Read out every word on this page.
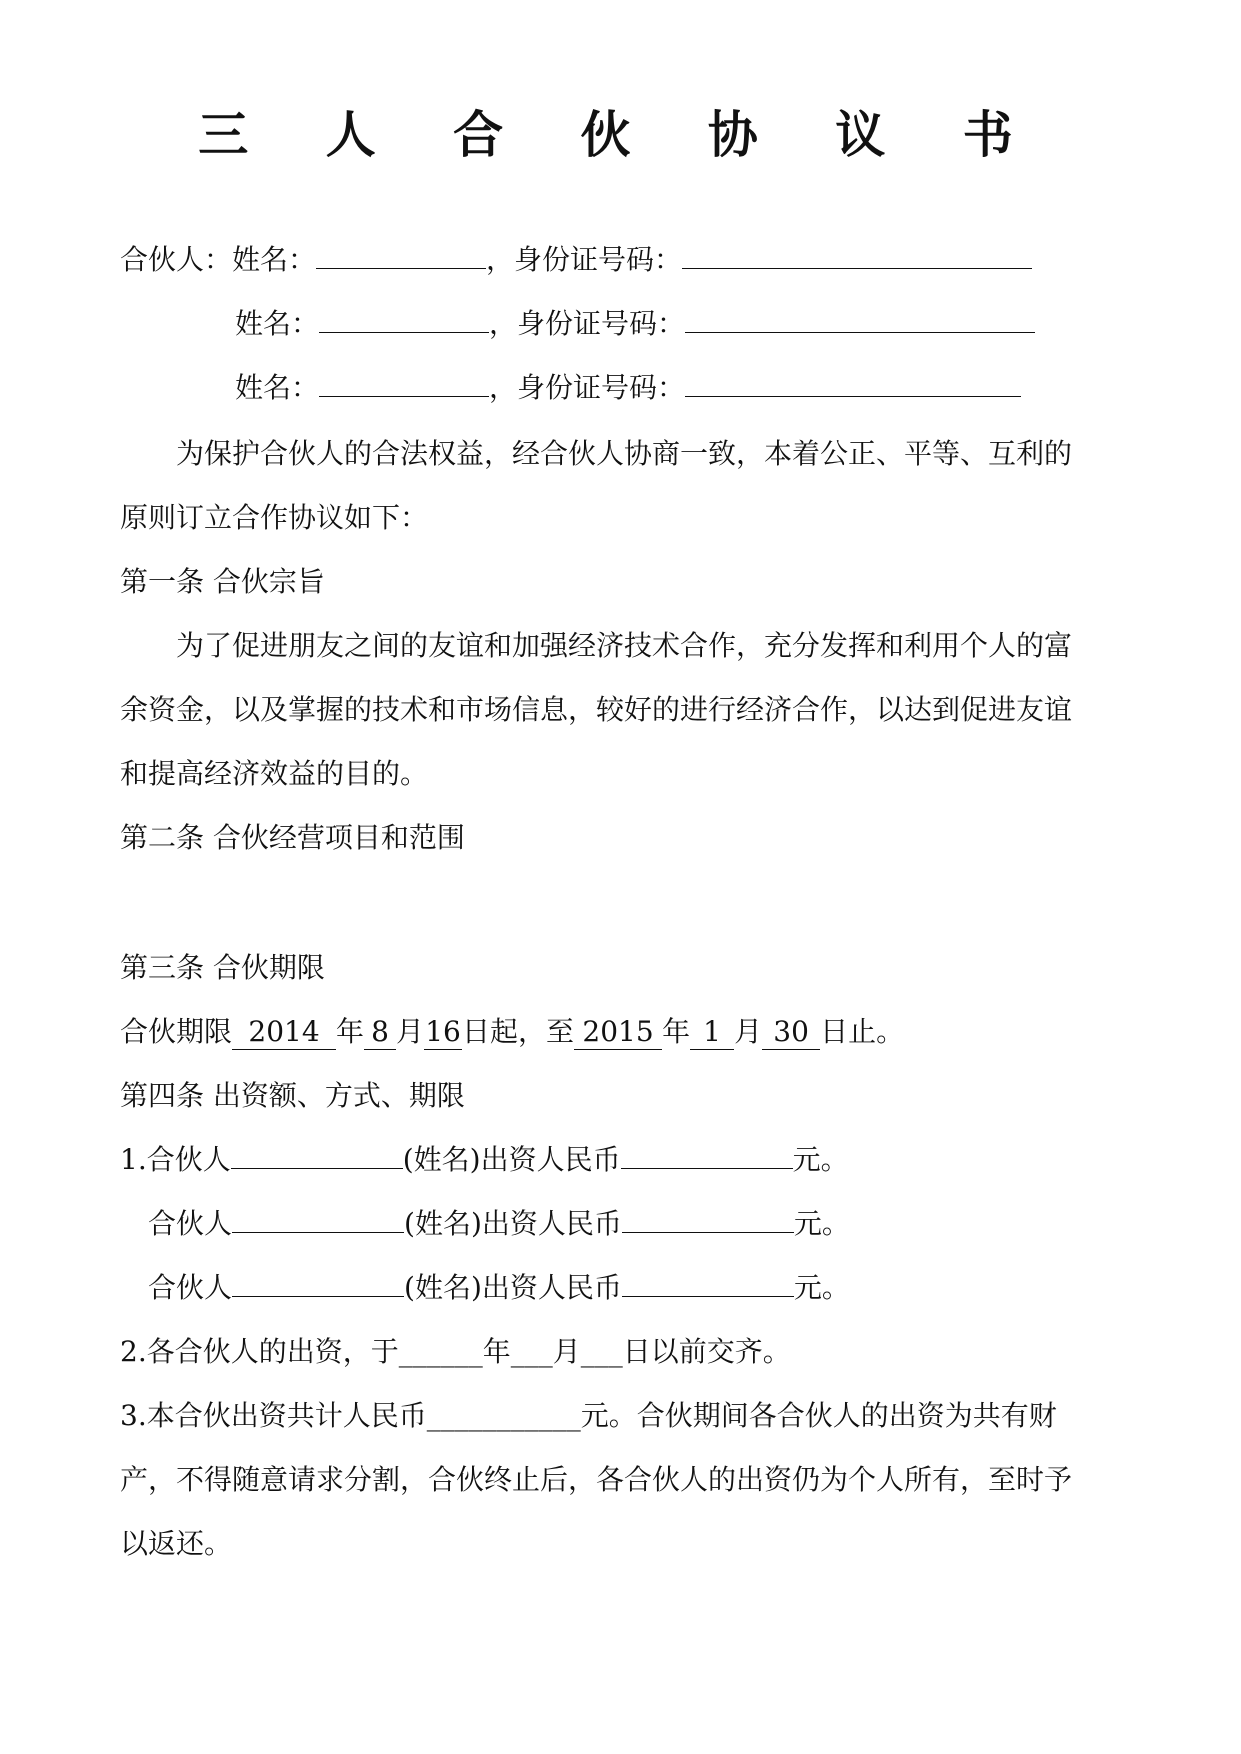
三 人 合 伙 协 议 书
合伙人：姓名：	，身份证号码：
姓名：	，身份证号码：
姓名：	，身份证号码：
为保护合伙人的合法权益，经合伙人协商一致，本着公正、平等、互利的
原则订立合作协议如下：
第一条 合伙宗旨
为了促进朋友之间的友谊和加强经济技术合作，充分发挥和利用个人的富
余资金，以及掌握的技术和市场信息，较好的进行经济合作，以达到促进友谊
和提高经济效益的目的。
第二条 合伙经营项目和范围
第三条 合伙期限
合伙期限 2014 年 8 月16日起，至 2015 年 1 月 30 日止。
第四条 出资额、方式、期限
1.合伙人	(姓名)出资人民币	元。
合伙人	(姓名)出资人民币	元。
合伙人	(姓名)出资人民币	元。
2.各合伙人的出资，于______年___月___日以前交齐。
3.本合伙出资共计人民币___________元。合伙期间各合伙人的出资为共有财
产，不得随意请求分割，合伙终止后，各合伙人的出资仍为个人所有，至时予
以返还。
